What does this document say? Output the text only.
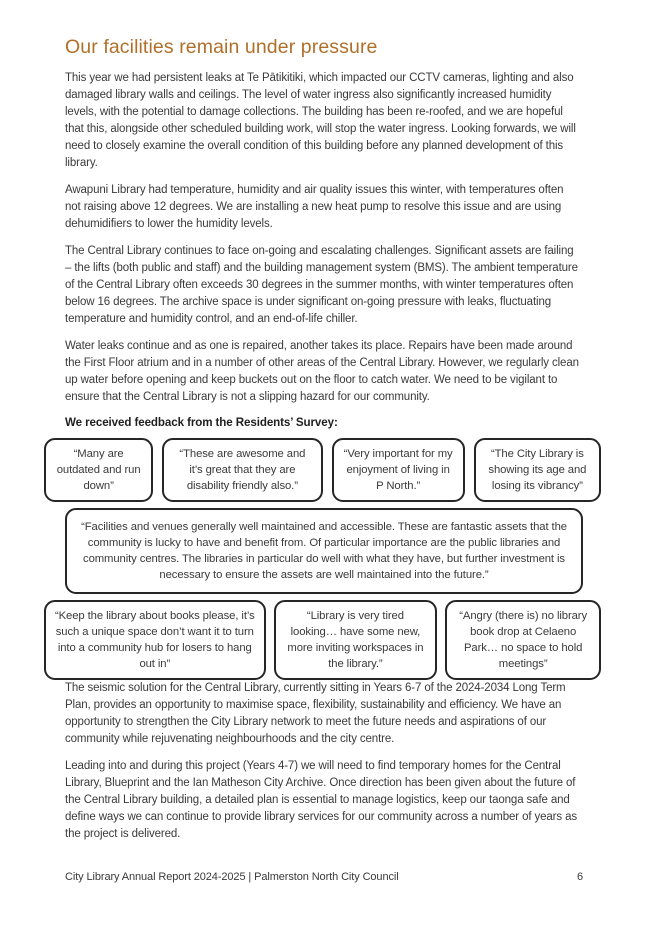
Our facilities remain under pressure

This year we had persistent leaks at Te Pātikitiki, which impacted our CCTV cameras, lighting and also damaged library walls and ceilings. The level of water ingress also significantly increased humidity levels, with the potential to damage collections. The building has been re-roofed, and we are hopeful that this, alongside other scheduled building work, will stop the water ingress. Looking forwards, we will need to closely examine the overall condition of this building before any planned development of this library.

Awapuni Library had temperature, humidity and air quality issues this winter, with temperatures often not raising above 12 degrees. We are installing a new heat pump to resolve this issue and are using dehumidifiers to lower the humidity levels.

The Central Library continues to face on-going and escalating challenges. Significant assets are failing – the lifts (both public and staff) and the building management system (BMS). The ambient temperature of the Central Library often exceeds 30 degrees in the summer months, with winter temperatures often below 16 degrees. The archive space is under significant on-going pressure with leaks, fluctuating temperature and humidity control, and an end-of-life chiller.

Water leaks continue and as one is repaired, another takes its place. Repairs have been made around the First Floor atrium and in a number of other areas of the Central Library. However, we regularly clean up water before opening and keep buckets out on the floor to catch water. We need to be vigilant to ensure that the Central Library is not a slipping hazard for our community.

We received feedback from the Residents’ Survey:
“Many are outdated and run down”
“These are awesome and it’s great that they are disability friendly also.”
“Very important for my enjoyment of living in P North.”
“The City Library is showing its age and losing its vibrancy”
“Facilities and venues generally well maintained and accessible. These are fantastic assets that the community is lucky to have and benefit from. Of particular importance are the public libraries and community centres. The libraries in particular do well with what they have, but further investment is necessary to ensure the assets are well maintained into the future.”
“Keep the library about books please, it’s such a unique space don’t want it to turn into a community hub for losers to hang out in”
“Library is very tired looking… have some new, more inviting workspaces in the library.”
“Angry (there is) no library book drop at Celaeno Park… no space to hold meetings”

The seismic solution for the Central Library, currently sitting in Years 6-7 of the 2024-2034 Long Term Plan, provides an opportunity to maximise space, flexibility, sustainability and efficiency. We have an opportunity to strengthen the City Library network to meet the future needs and aspirations of our community while rejuvenating neighbourhoods and the city centre.

Leading into and during this project (Years 4-7) we will need to find temporary homes for the Central Library, Blueprint and the Ian Matheson City Archive. Once direction has been given about the future of the Central Library building, a detailed plan is essential to manage logistics, keep our taonga safe and define ways we can continue to provide library services for our community across a number of years as the project is delivered.

City Library Annual Report 2024-2025 | Palmerston North City Council	6
